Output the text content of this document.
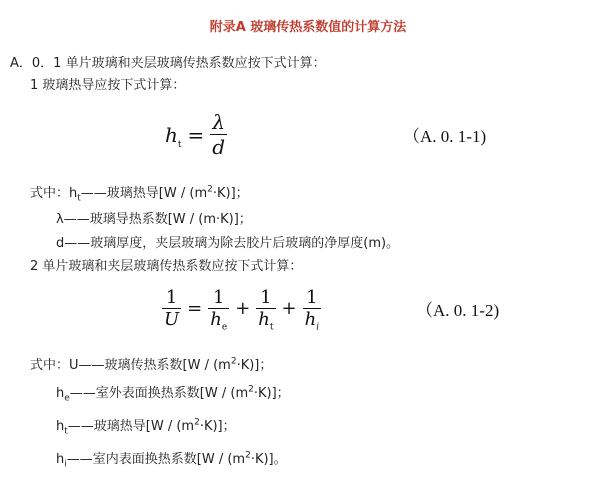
附录A 玻璃传热系数值的计算方法
A．0．1 单片玻璃和夹层玻璃传热系数应按下式计算：
1 玻璃热导应按下式计算：
$h_t = \frac{\lambda}{d}$	（A. 0. 1-1)
式中：$h_t——$玻璃热导$[W / (m^2\cdot K)]$；
λ——玻璃导热系数[W / (m·K)]；
d——玻璃厚度，夹层玻璃为除去胶片后玻璃的净厚度(m)。
2 单片玻璃和夹层玻璃传热系数应按下式计算：
$\frac{1}{U} = \frac{1}{h_e} + \frac{1}{h_t} + \frac{1}{h_i}$	（A. 0. 1-2)
式中：U——玻璃传热系数$[W / (m^2\cdot K)]$；
$h_e——$室外表面换热系数$[W / (m^2\cdot K)]$；
$h_t——$玻璃热导$[W / (m^2\cdot K)]$；
$h_i——$室内表面换热系数$[W / (m^2\cdot K)]$。
